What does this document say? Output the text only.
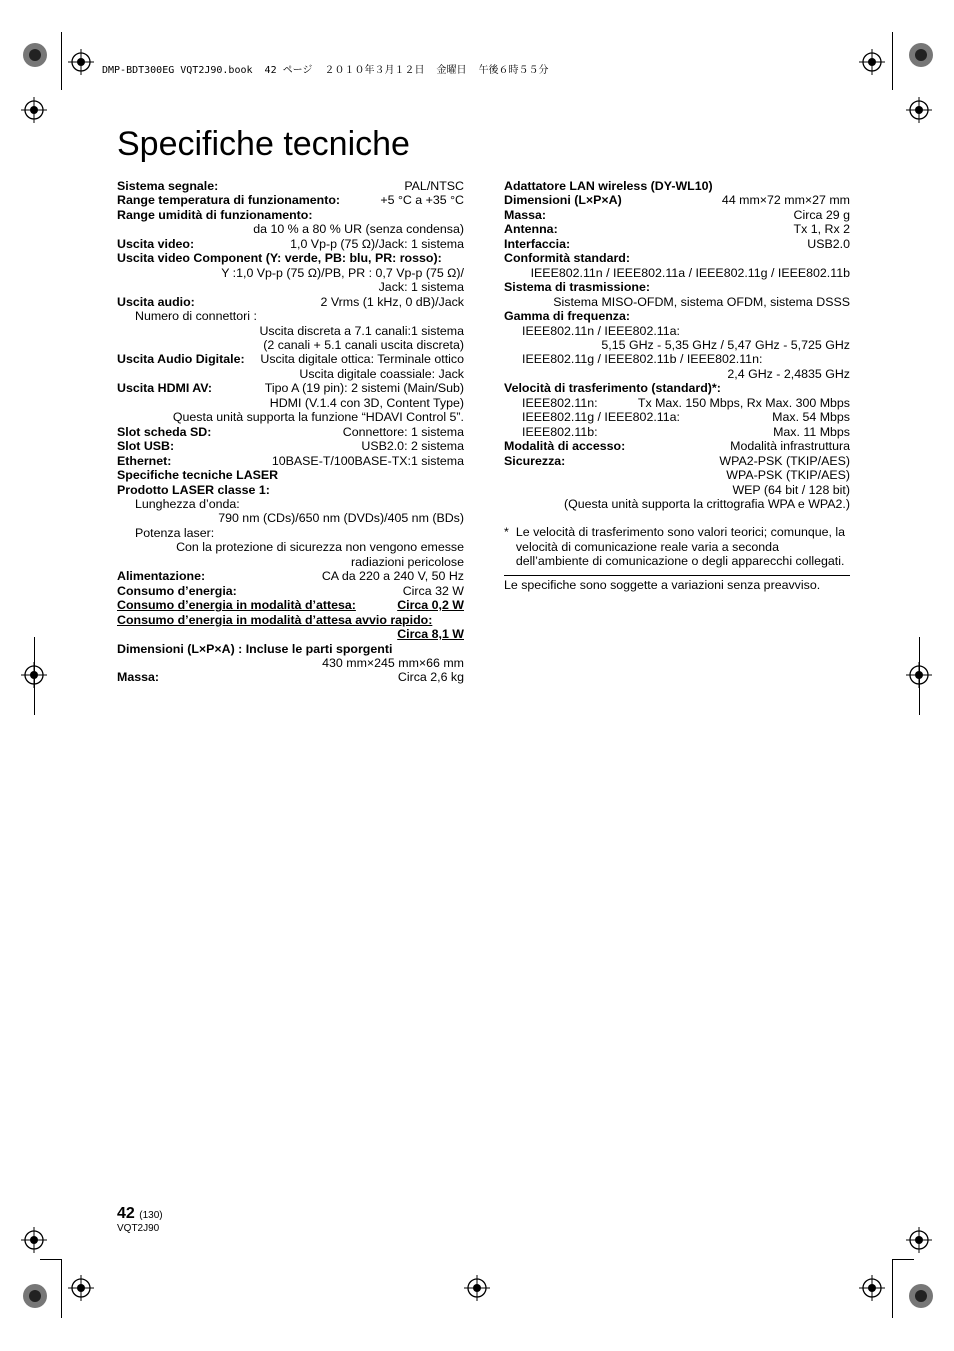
DMP-BDT300EG VQT2J90.book  42 ページ  ２０１０年３月１２日  金曜日  午後６時５５分
Specifiche tecniche
Sistema segnale:	PAL/NTSC
Range temperatura di funzionamento:	+5 °C a +35 °C
Range umidità di funzionamento:
da 10 % a 80 % UR (senza condensa)
Uscita video:	1,0 Vp-p (75 Ω)/Jack: 1 sistema
Uscita video Component (Y: verde, PB: blu, PR: rosso):
Y :1,0 Vp-p (75 Ω)/PB, PR : 0,7 Vp-p (75 Ω)/
Jack: 1 sistema
Uscita audio:	2 Vrms (1 kHz, 0 dB)/Jack
Numero di connettori :
Uscita discreta a 7.1 canali:1 sistema
(2 canali + 5.1 canali uscita discreta)
Uscita Audio Digitale: Uscita digitale ottica: Terminale ottico
Uscita digitale coassiale: Jack
Uscita HDMI AV:	Tipo A (19 pin): 2 sistemi (Main/Sub)
HDMI (V.1.4 con 3D, Content Type)
Questa unità supporta la funzione “HDAVI Control 5”.
Slot scheda SD:	Connettore: 1 sistema
Slot USB:	USB2.0: 2 sistema
Ethernet:	10BASE-T/100BASE-TX:1 sistema
Specifiche tecniche LASER
Prodotto LASER classe 1:
Lunghezza d’onda:
790 nm (CDs)/650 nm (DVDs)/405 nm (BDs)
Potenza laser:
Con la protezione di sicurezza non vengono emesse
radiazioni pericolose
Alimentazione:	CA da 220 a 240 V, 50 Hz
Consumo d’energia:	Circa 32 W
Consumo d’energia in modalità d’attesa:	Circa 0,2 W
Consumo d’energia in modalità d’attesa avvio rapido:
Circa 8,1 W
Dimensioni (L×P×A) : Incluse le parti sporgenti
430 mm×245 mm×66 mm
Massa:	Circa 2,6 kg
Adattatore LAN wireless (DY-WL10)
Dimensioni (L×P×A)	44 mm×72 mm×27 mm
Massa:	Circa 29 g
Antenna:	Tx 1, Rx 2
Interfaccia:	USB2.0
Conformità standard:
IEEE802.11n / IEEE802.11a / IEEE802.11g / IEEE802.11b
Sistema di trasmissione:
Sistema MISO-OFDM, sistema OFDM, sistema DSSS
Gamma di frequenza:
IEEE802.11n / IEEE802.11a:
5,15 GHz - 5,35 GHz / 5,47 GHz - 5,725 GHz
IEEE802.11g / IEEE802.11b / IEEE802.11n:
2,4 GHz - 2,4835 GHz
Velocità di trasferimento (standard)*:
IEEE802.11n:	Tx Max. 150 Mbps, Rx Max. 300 Mbps
IEEE802.11g / IEEE802.11a:	Max. 54 Mbps
IEEE802.11b:	Max. 11 Mbps
Modalità di accesso:	Modalità infrastruttura
Sicurezza:	WPA2-PSK (TKIP/AES)
WPA-PSK (TKIP/AES)
WEP (64 bit / 128 bit)
(Questa unità supporta la crittografia WPA e WPA2.)
* Le velocità di trasferimento sono valori teorici; comunque, la velocità di comunicazione reale varia a seconda dell’ambiente di comunicazione o degli apparecchi collegati.
Le specifiche sono soggette a variazioni senza preavviso.
42 (130)
VQT2J90
